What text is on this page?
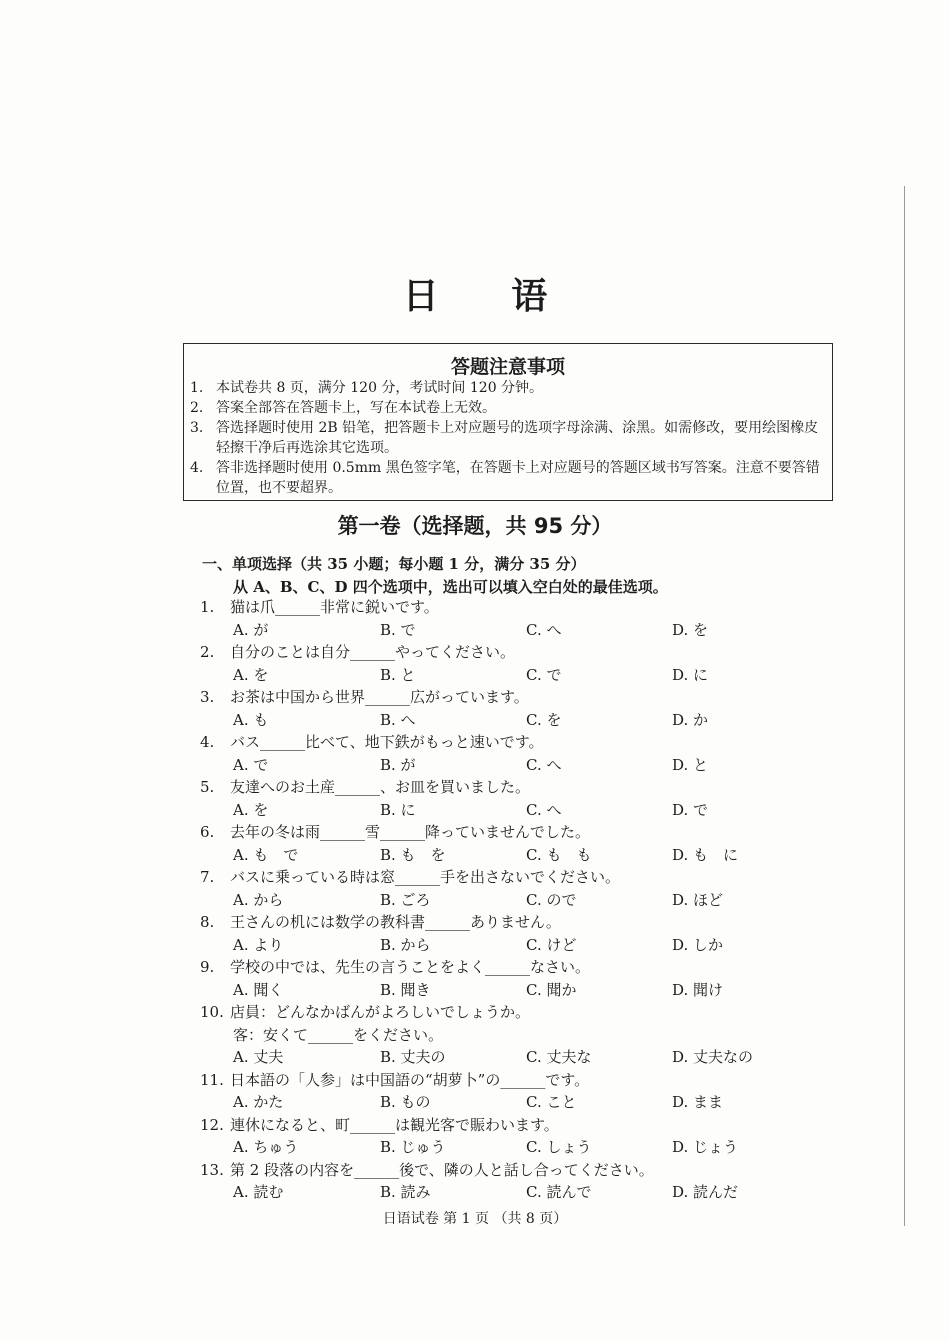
日 语
答题注意事项
1. 本试卷共 8 页，满分 120 分，考试时间 120 分钟。
2. 答案全部答在答题卡上，写在本试卷上无效。
3. 答选择题时使用 2B 铅笔，把答题卡上对应题号的选项字母涂满、涂黑。如需修改，要用绘图橡皮轻擦干净后再选涂其它选项。
4. 答非选择题时使用 0.5mm 黑色签字笔，在答题卡上对应题号的答题区域书写答案。注意不要答错位置，也不要超界。
第一卷（选择题，共 95 分）
一、单项选择（共 35 小题；每小题 1 分，满分 35 分）
从 A、B、C、D 四个选项中，选出可以填入空白处的最佳选项。
1. 猫は爪______非常に鋭いです。
A. が	B. で	C. へ	D. を
2. 自分のことは自分______やってください。
A. を	B. と	C. で	D. に
3. お茶は中国から世界______広がっています。
A. も	B. へ	C. を	D. か
4. バス______比べて、地下鉄がもっと速いです。
A. で	B. が	C. へ	D. と
5. 友達へのお土産______、お皿を買いました。
A. を	B. に	C. へ	D. で
6. 去年の冬は雨______雪______降っていませんでした。
A. も　で	B. も　を	C. も　も	D. も　に
7. バスに乗っている時は窓______手を出さないでください。
A. から	B. ごろ	C. ので	D. ほど
8. 王さんの机には数学の教科書______ありません。
A. より	B. から	C. けど	D. しか
9. 学校の中では、先生の言うことをよく______なさい。
A. 聞く	B. 聞き	C. 聞か	D. 聞け
10. 店員：どんなかばんがよろしいでしょうか。
客：安くて______をください。
A. 丈夫	B. 丈夫の	C. 丈夫な	D. 丈夫なの
11. 日本語の「人参」は中国語の“胡萝卜”の______です。
A. かた	B. もの	C. こと	D. まま
12. 連休になると、町______は観光客で賑わいます。
A. ちゅう	B. じゅう	C. しょう	D. じょう
13. 第 2 段落の内容を______後で、隣の人と話し合ってください。
A. 読む	B. 読み	C. 読んで	D. 読んだ
日语试卷 第 1 页 （共 8 页）
